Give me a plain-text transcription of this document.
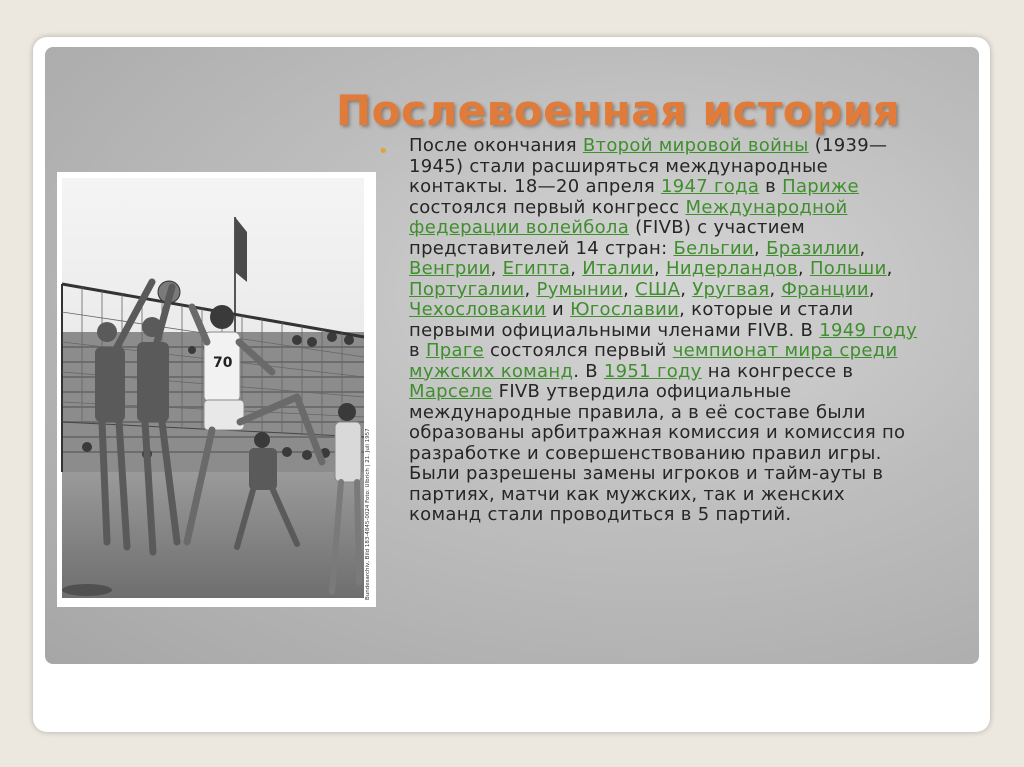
Послевоенная история
70
Bundesarchiv, Bild 183-4845-0024 Foto: Ulbrich | 21. Juli 1957
• После окончания Второй мировой войны (1939—1945) стали расширяться международные контакты. 18—20 апреля 1947 года в Париже состоялся первый конгресс Международной федерации волейбола (FIVB) с участием представителей 14 стран: Бельгии, Бразилии, Венгрии, Египта, Италии, Нидерландов, Польши, Португалии, Румынии, США, Уругвая, Франции, Чехословакии и Югославии, которые и стали первыми официальными членами FIVB. В 1949 году в Праге состоялся первый чемпионат мира среди мужских команд. В 1951 году на конгрессе в Марселе FIVB утвердила официальные международные правила, а в её составе были образованы арбитражная комиссия и комиссия по разработке и совершенствованию правил игры. Были разрешены замены игроков и тайм-ауты в партиях, матчи как мужских, так и женских команд стали проводиться в 5 партий.
